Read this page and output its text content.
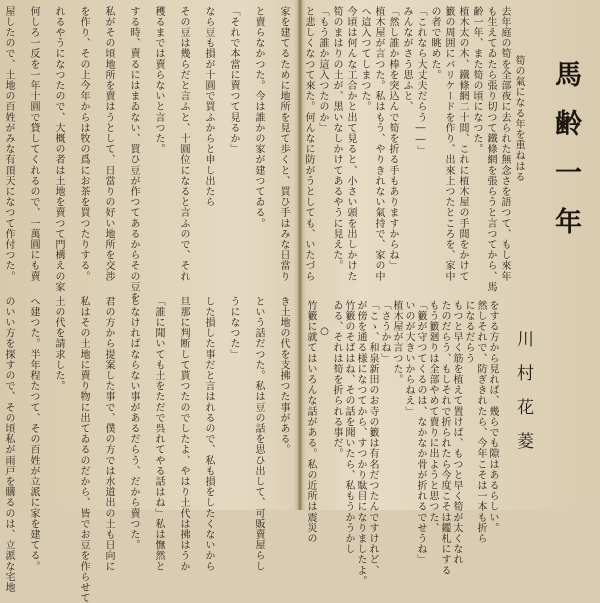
屋したので、土地の百姓がみな有頂天になつて作付つた。 何しろ一反を一年十圓で貸してくれるので、一萬圓にも賣 れるやうになつたので、大概の者は土地を賣つて門構えの家 を作り、その上今年からは牧の爲にお茶を買つたりする。 私がその頃地所を賣はうとして、日當りの好い地所を交渉 する時、賣るにはまゐない、買ひ豆が作つてあるからその豆を 穫るまでは賣らないと言つた。 その豆は幾らだと言ふと、十圓位になると言ふので、それ なら豆も損が十圓で買ふからと申し出たら 「それで本當に賣つて見るか」 と賣らなかつた。今は誰かの家が建つてゐる。 家を建てるために地所を見て歩くと、買ひ手はみな日當り
のいい方を探すので、その頃私が雨戸を購るのは、立派な宅地 へ建つた。半年程たつて、その百姓が立派に家を建てる。 土の代を請求した。 私はその土地に賣り物に出てゐるのだから、皆でお豆を作らせて 君の方から提案した事で、僕の方では水道出の土も日向に しなければならない事があるだらう、だから賣つた。 「誰に聞いても土をただで呉れてやる話はね」私は憮然と 旦那に判断して貰つたのでしたよ、やはり土代は拂はうか した損した事だと言はれるので、私も損をしたくないから うになつた」 という話だつた。私は豆の話を思ひ出して、可販賣屋らし き土地の代を支拂つた事がある。
馬齢一年
川村花菱
筍の氣になる年を重ねはる
去年庭の筍を全部夜に去られた無念さを語つて、もし來年
も生えてゐたら張り切つて鐵條網を張らうと言つてから、馬
齢一年、また筍の頃になつた。
植木太の木、鐵條網二十間、これに植木屋の手間をかけて
籔の周囲にバリケードを作り、出來上つたところを、家中
の者で眺めた。
「これなら大丈夫だらう――」
みんながさう思ふと、
「然し誰か棒を突込んで筍を折る手もありますからね」
植木屋が言つた。私はもう、やりきれない氣持で、家の中
へ這入つてしまつた。
今頃は何んな工合かと出て見ると、小さい頭を出しかけた
筍のまはりの土が、黑いなしかけてあるやうに見えた。
「もう誰か這入つたのか」
と悲しくなつて來た。何んなに防がうとしても、いたづら
をする方から見れば、幾らでも隙はあるらしい。
然しそれで、防ぎきれたら、今年こそは一本も折ら
になるだらう
もつと早く筋を植えて置けば、もつと早く筍が太くなれ
たのだらう、もしそれで折られたら今度こそは鑑札にする
もう籔廻りは全部やめて賣りに出ようと思つた、
「籔が守つてくるのは、なかなか骨が折れるでせうね」
いのが大きいからねえ」
植木屋が言つた。
「さうかね」
「こゝ、和泉新田のお寺の籔は有名だつたんですけれど、
が傍を通る様になつてから、すつかり駄目になりましたよ。
竹籔のそばはね、その話を聞いたら、私もうかうかし
ゐる、それは筍を折られる事だ。
○
竹籔に就てはいろんな話がある。私の近所は震災の
